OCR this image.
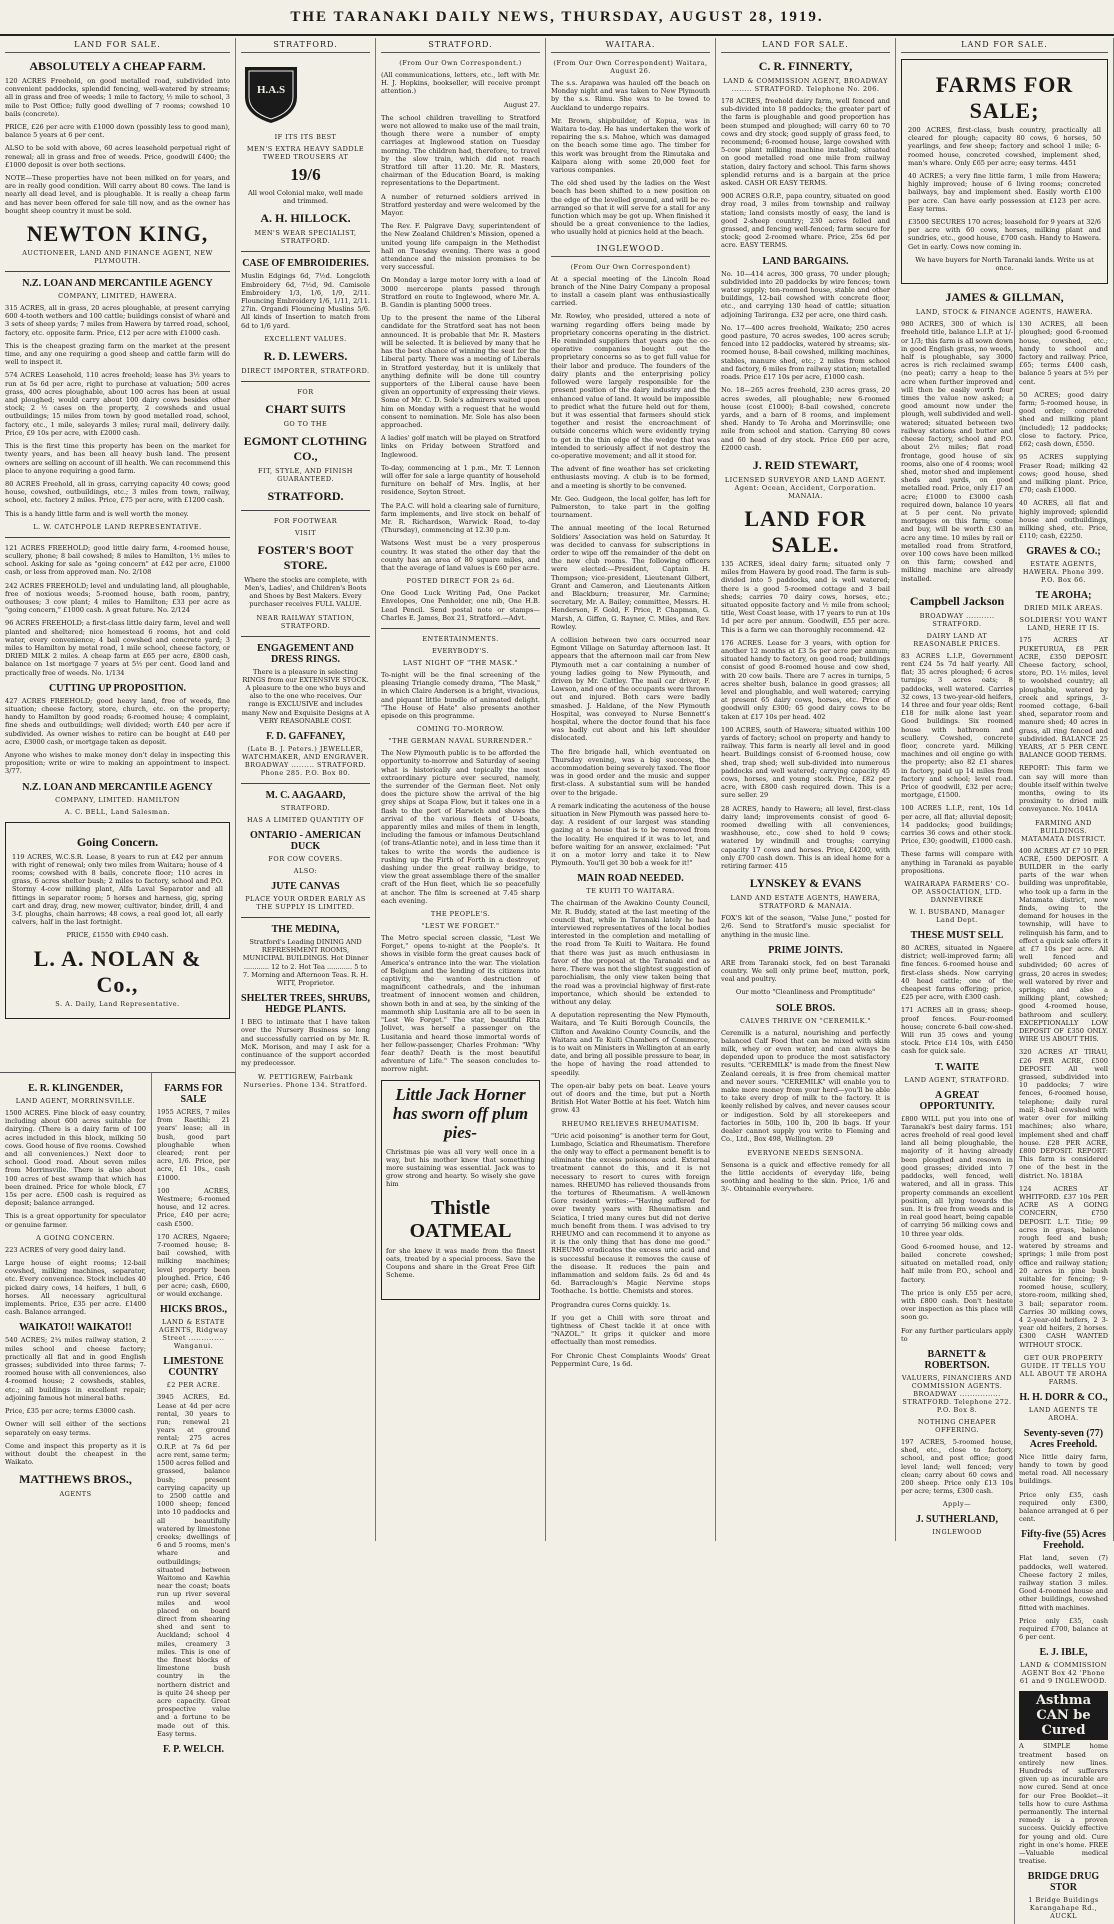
THE TARANAKI DAILY NEWS, THURSDAY, AUGUST 28, 1919.
LAND FOR SALE.
ABSOLUTELY A CHEAP FARM.

120 ACRES Freehold, on good metalled road, subdivided into convenient paddocks, splendid fencing, well-watered by streams; all in grass and free of weeds; 1 mile to factory, ½ mile to school, 3 mile to Post Office; fully good dwelling of 7 rooms; cowshed 10 bails (concrete).

PRICE, £26 per acre with £1000 down (possibly less to good man), balance 5 years at 6 per cent.

ALSO to be sold with above, 60 acres leasehold perpetual right of renewal; all in grass and free of weeds. Price, goodwill £400; the £1000 deposit is over both sections.

NOTE—These properties have not been milked on for years, and are in really good condition. Will carry about 80 cows. The land is nearly all dead level, and is ploughable. It is really a cheap farm and has never been offered for sale till now, and as the owner has bought sheep country it must be sold.

NEWTON KING,
AUCTIONEER, LAND AND FINANCE AGENT, NEW PLYMOUTH.
N.Z. LOAN AND MERCANTILE AGENCY
COMPANY, LIMITED, HAWERA.

315 ACRES, all in grass, 20 acres ploughable, at present carrying 600 4-tooth wethers and 100 cattle; buildings consist of wharé and 3 sets of sheep yards; 7 miles from Hawera by tarred road, school, factory, etc. opposite farm. Price, £12 per acre with £1000 cash.

This is the cheapest grazing farm on the market at the present time, and any one requiring a good sheep and cattle farm will do well to inspect it.

574 ACRES Leasehold, 110 acres freehold; lease has 3½ years to run at 5s 6d per acre, right to purchase at valuation; 500 acres grass, 400 acres ploughable, about 100 acres has been at usual and ploughed; would carry about 100 dairy cows besides other stock; 2 ½ cases on the property, 2 cowsheds and usual outbuildings; 15 miles from town by good metalled road, school, factory, etc., 1 mile, saleyards 3 miles; rural mail, delivery daily. Price, £9 10s per acre, with £2000 cash.

This is the first time this property has been on the market for twenty years, and has been all heavy bush land. The present owners are selling on account of ill health. We can recommend this place to anyone requiring a good farm.

80 ACRES Freehold, all in grass, carrying capacity 40 cows; good house, cowshed, outbuildings, etc.; 3 miles from town, railway, school, etc. factory 2 miles. Price, £75 per acre, with £1200 cash.

This is a handy little farm and is well worth the money.

L. W. CATCHPOLE LAND REPRESENTATIVE.

121 ACRES FREEHOLD; good little dairy farm, 4-roomed house, scullery, phone; 8 bail cowshed; 8 miles to Hamilton, 1½ miles to school. Asking for sale as "going concern" at £42 per acre, £1000 cash, or less from approved man. No. 2/108

242 ACRES FREEHOLD; level and undulating land, all ploughable, free of noxious weeds; 5-roomed house, bath room, pantry, outhouses; 3 cow plant; 4 miles to Hamilton; £33 per acre as "going concern," £1000 cash. A great future. No. 2/124

96 ACRES FREEHOLD; a first-class little dairy farm, level and well planted and sheltered; nice homestead 6 rooms, hot and cold water, every convenience; 4 bail cowshed and concrete yard; 3 miles to Hamilton by metal road, 1 mile school, cheese factory, or DRIED MILK 2 miles. A cheap farm at £65 per acre, £800 cash, balance on 1st mortgage 7 years at 5½ per cent. Good land and practically free of weeds. No. 1/134

CUTTING UP PROPOSITION.

427 ACRES FREEHOLD; good heavy land, free of weeds, fine situation; cheese factory, store, church, etc. on the property; handy to Hamilton by good roads; 6-roomed house; 4 complaint, fine sheds and outbuildings; well divided; worth £40 per acre if subdivided. As owner wishes to retire can be bought at £40 per acre, £3000 cash, or mortgage taken as deposit.

Anyone who wishes to make money don't delay in inspecting this proposition; write or wire to making an appointment to inspect. 3/77.

N.Z. LOAN AND MERCANTILE AGENCY
COMPANY, LIMITED. HAMILTON
A. C. BELL, Land Salesman.
Going Concern.

119 ACRES, W.C.S.R. Lease, 8 years to run at £42 per annum with right of renewal; only two miles from Waitara; house of 4 rooms; cowshed with 8 bails, concrete floor; 110 acres in grass, 6 acres shelter bush; 2 miles to factory, school and P.O. Stormy 4-cow milking plant, Alfa Laval Separator and all fittings in separator room; 5 horses and harness, gig, spring cart and dray, drag, new mower, cultivator, binder, drill, 4 and 3-f. ploughs, chain harrows; 48 cows, a real good lot, all early calvers, half in the last fortnight.

PRICE, £1550 with £940 cash.

L. A. NOLAN & Co.,
S. A. Daily, Land Representative.
E. R. KLINGENDER,
LAND AGENT, MORRINSVILLE.

1500 ACRES. Fine block of easy country, including about 600 acres suitable for dairying. (There is a dairy farm of 100 acres included in this block, milking 50 cows. Good house of five rooms. Cowshed and all conveniences.) Next door to school. Good road. About seven miles from Morrinsville. There is also about 100 acres of best swamp that which has been drained. Price for whole block, £7 15s per acre. £500 cash is required as deposit; balance arranged.

This is a great opportunity for speculator or genuine farmer.

A GOING CONCERN.

223 ACRES of very good dairy land.

Large house of eight rooms; 12-bail cowshed, milking machines, separator, etc. Every convenience. Stock includes 40 picked dairy cows, 14 heifers, 1 bull, 6 horses. All necessary agricultural implements. Price, £35 per acre. £1400 cash. Balance arranged.

WAIKATO!! WAIKATO!!

540 ACRES; 2¼ miles railway station, 2 miles school and cheese factory; practically all flat and in good English grasses; subdivided into three farms; 7-roomed house with all conveniences, also 4-roomed house; 2 cowsheds, stables, etc.; all buildings in excellent repair; adjoining famous hot mineral baths.

Price, £35 per acre; terms £3000 cash.

Owner will sell either of the sections separately on easy terms.

Come and inspect this property as it is without doubt the cheapest in the Waikato.

MATTHEWS BROS.,
AGENTS
STRATFORD.
H.A.S
IF ITS ITS BEST
MEN'S EXTRA HEAVY SADDLE TWEED TROUSERS AT
19/6

All wool Colonial make, well made and trimmed.

A. H. HILLOCK.
MEN'S WEAR SPECIALIST, STRATFORD.
CASE OF EMBROIDERIES.

Muslin Edgings 6d, 7½d. Longcloth Embroidery 6d, 7½d, 9d. Camisole Embroidery 1/3, 1/6, 1/9, 2/11. Flouncing Embroidery 1/6, 1/11, 2/11. 27in. Organdi Flouncing Muslins 5/6. All kinds of Insertion to match from 6d to 1/6 yard.

EXCELLENT VALUES.
R. D. LEWERS.
DIRECT IMPORTER, STRATFORD.
FOR
CHART SUITS
GO TO THE
EGMONT CLOTHING CO.,
FIT, STYLE, AND FINISH GUARANTEED.
STRATFORD.
FOR FOOTWEAR
VISIT
FOSTER'S BOOT STORE.

Where the stocks are complete, with Men's, Ladies', and Children's Boots and Shoes by Best Makers. Every purchaser receives FULL VALUE.

NEAR RAILWAY STATION, STRATFORD.
ENGAGEMENT AND DRESS RINGS.

There is a pleasure in selecting RINGS from our EXTENSIVE STOCK. A pleasure to the one who buys and also to the one who receives. Our range is EXCLUSIVE and includes many New and Exquisite Designs at A VERY REASONABLE COST.

F. D. GAFFANEY,
(Late B. J. Peters.) JEWELLER, WATCHMAKER, AND ENGRAVER. BROADWAY ......... STRATFORD. Phone 285. P.O. Box 80.
M. C. AAGAARD,
STRATFORD.
HAS A LIMITED QUANTITY OF
ONTARIO - AMERICAN DUCK
FOR COW COVERS.
ALSO:
JUTE CANVAS
PLACE YOUR ORDER EARLY AS THE SUPPLY IS LIMITED.
THE MEDINA,

Stratford's Leading DINING AND REFRESHMENT ROOMS, MUNICIPAL BUILDINGS. Hot Dinner ............ 12 to 2. Hot Tea ............ 5 to 7. Morning and Afternoon Teas. R. H. WITT, Proprietor.

SHELTER TREES, SHRUBS, HEDGE PLANTS.

I BEG to intimate that I have taken over the Nursery Business so long and successfully carried on by Mr. R. McK. Morison, and may I ask for a continuance of the support accorded my predecessor.

W. PETTIGREW, Fairbank Nurseries. Phone 134. Stratford.
FARMS FOR SALE

1955 ACRES, 7 miles from Raetihi; 21 years' lease; all in bush, good part ploughable when cleared; rent per acre, 1/6. Price, per acre, £1 10s., cash £1000.

100 ACRES, Westmere; 6-roomed house, and 12 acres. Price, £40 per acre; cash £500.

170 ACRES, Ngaere; 7-roomed house; 8-bail cowshed, with milking machines; level property been ploughed. Price, £46 per acre; cash, £600, or would exchange.

HICKS BROS.,
LAND & ESTATE AGENTS, Ridgway Street .............. Wanganui.
LIMESTONE COUNTRY
£2 PER ACRE.

3945 ACRES, Ed. Lease at 4d per acre rental, 30 years to run; renewal 21 years at ground rental; 275 acres O.R.P. at 7s 6d per acre rent, same term; 1500 acres felled and grassed, balance bush; present carrying capacity up to 2500 cattle and 1000 sheep; fenced into 10 paddocks and all beautifully watered by limestone creeks; dwellings of 6 and 5 rooms, men's whare and outbuildings; situated between Waitomo and Kawhia near the coast; boats run up river several miles and wool placed on board direct from shearing shed and sent to Auckland; school 4 miles, creamery 3 miles. This is one of the finest blocks of limestone bush country in the northern district and is quite 24 sheep per acre capacity. Great prospective value and a fortune to be made out of this. Easy terms.

F. P. WELCH.
STRATFORD.
(From Our Own Correspondent.)

(All communications, letters, etc., left with Mr. H. J. Hopkins, bookseller, will receive prompt attention.)

August 27.

The school children travelling to Stratford were not allowed to make use of the mail train, though there were a number of empty carriages at Inglewood station on Tuesday morning. The children had, therefore, to travel by the slow train, which did not reach Stratford till after 11.20. Mr. R. Masters, chairman of the Education Board, is making representations to the Department.

A number of returned soldiers arrived in Stratford yesterday and were welcomed by the Mayor.

The Rev. F. Palgrave Davy, superintendent of the New Zealand Children's Mission, opened a united young life campaign in the Methodist hall on Tuesday evening. There was a good attendance and the mission promises to be very successful.

On Monday a large motor lorry with a load of 3000 mercerope plants passed through Stratford en route to Inglewood, where Mr. A. B. Gandin is planting 5000 trees.

Up to the present the name of the Liberal candidate for the Stratford seat has not been announced. It is probable that Mr. R. Masters will be selected. It is believed by many that he has the best chance of winning the seat for the Liberal party. There was a meeting of Liberals in Stratford yesterday, but it is unlikely that anything definite will be done till country supporters of the Liberal cause have been given an opportunity of expressing their views. Some of Mr. C. D. Sole's admirers waited upon him on Monday with a request that he would consent to nomination. Mr. Sole has also been approached.

A ladies' golf match will be played on Stratford links on Friday between Stratford and Inglewood.

To-day, commencing at 1 p.m., Mr. T. Lennon will offer for sale a large quantity of household furniture on behalf of Mrs. Inglis, at her residence, Seyton Street.

The P.A.C. will hold a clearing sale of furniture, farm implements, and live stock on behalf of Mr. R. Richardson, Warwick Road, to-day (Thursday), commencing at 12.30 p.m.

Watsons West must be a very prosperous country. It was stated the other day that the county has an area of 80 square miles, and that the average of land values is £60 per acre.

POSTED DIRECT FOR 2s 6d.

One Good Luck Writing Pad, One Packet Envelopes, One Penholder, one nib, One H.B. Lead Pencil. Send postal note or stamps—Charles E. James, Box 21, Stratford.—Advt.

ENTERTAINMENTS.
EVERYBODY'S.
LAST NIGHT OF "THE MASK."

To-night will be the final screening of the pleasing Triangle comedy drama, "The Mask," in which Claire Anderson is a bright, vivacious, and piquant little bundle of animated delight. "The House of Hate" also presents another episode on this programme.

COMING TO-MORROW.
"THE GERMAN NAVAL SURRENDER."

The New Plymouth public is to be afforded the opportunity to-morrow and Saturday of seeing what is historically and topically the most extraordinary picture ever secured, namely, the surrender of the German fleet. Not only does the picture show the arrival of the big grey ships at Scapa Flow, but it takes one in a flash to the port of Harwich and shows the arrival of the various fleets of U-boats, apparently miles and miles of them in length, including the famous or infamous Deutschland (of trans-Atlantic note), and in less time than it takes to write the words the audience is rushing up the Firth of Forth in a destroyer, dashing under the great railway bridge, to view the great assemblage there of the smaller craft of the Hun fleet, which lie so peacefully at anchor. The film is screened at 7.45 sharp each evening.

THE PEOPLE'S.
"LEST WE FORGET."

The Metro special screen classic, "Lest We Forget," opens to-night at the People's. It shows in visible form the great causes back of America's entrance into the war. The violation of Belgium and the lending of its citizens into captivity, the wanton destruction of magnificent cathedrals, and the inhuman treatment of innocent women and children, shown both in and at sea, by the sinking of the mammoth ship Lusitania are all to be seen in "Lest We Forget." The star, beautiful Rita Jolivet, was herself a passenger on the Lusitania and heard those immortal words of her fellow-passenger, Charles Frohman: "Why fear death? Death is the most beautiful adventure of Life." The season concludes to-morrow night.

Little Jack Horner has sworn off plum pies-

Christmas pie was all very well once in a way, but his mother knew that something more sustaining was essential. Jack was to grow strong and hearty. So wisely she gave him

Thistle OATMEAL

for she knew it was made from the finest oats, treated by a special process. Save the Coupons and share in the Great Free Gift Scheme.

WAITARA.
(From Our Own Correspondent) Waitara, August 26.

The s.s. Arapawa was hauled off the beach on Monday night and was taken to New Plymouth by the s.s. Rimu. She was to be towed to Auckland to undergo repairs.

Mr. Brown, shipbuilder, of Kopua, was in Waitara to-day. He has undertaken the work of repairing the s.s. Mahoe, which was damaged on the beach some time ago. The timber for this work was brought from the Rimutaka and Kaipara along with some 20,000 feet for various companies.

The old shed used by the ladies on the West beach has been shifted to a new position on the edge of the levelled ground, and will be re-arranged so that it will serve for a stall for any function which may be got up. When finished it should be a great convenience to the ladies, who usually hold at picnics held at the beach.

INGLEWOOD.
(From Our Own Correspondent)

At a special meeting of the Lincoln Road branch of the Nine Dairy Company a proposal to install a casein plant was enthusiastically carried.

Mr. Rowley, who presided, uttered a note of warning regarding offers being made by proprietary concerns operating in the district. He reminded suppliers that years ago the co-operative companies bought out the proprietary concerns so as to get full value for their labor and produce. The founders of the dairy plants and the enterprising policy followed were largely responsible for the present position of the dairy industry and the enhanced value of land. It would be impossible to predict what the future held out for them, but it was essential that farmers should stick together and resist the encroachment of outside concerns which were evidently trying to get in the thin edge of the wedge that was intended to seriously affect if not destroy the co-operative movement; and all it stood for.

The advent of fine weather has set cricketing enthusiasts moving. A club is to be formed, and a meeting is shortly to be convened.

Mr. Geo. Gudgeon, the local golfer, has left for Palmerston, to take part in the golfing tournament.

The annual meeting of the local Returned Soldiers' Association was held on Saturday. It was decided to canvass for subscriptions in order to wipe off the remainder of the debt on the new club rooms. The following officers were elected:—President, Captain H. Thompson; vice-president, Lieutenant Gilbert, Grant and Cameron, and Lieutenants Aitken and Blackburn; treasurer, Mr. Carmine; secretary, Mr. A. Bailey; committee, Messrs. H. Henderson, F. Gold, F. Price, P. Chapman, G. Marsh, A. Giffen, G. Rayner, C. Miles, and Rev. Rowley.

A collision between two cars occurred near Egmont Village on Saturday afternoon last. It appears that the afternoon mail car from New Plymouth met a car containing a number of young ladies going to New Plymouth, and driven by Mr. Cattley. The mail car driver, F. Lawson, and one of the occupants were thrown out and injured. Both cars were badly smashed. J. Haldane, of the New Plymouth Hospital, was conveyed to Nurse Bennett's hospital, where the doctor found that his face was badly cut about and his left shoulder dislocated.

The fire brigade hall, which eventuated on Thursday evening, was a big success, the accommodation being severely taxed. The floor was in good order and the music and supper first-class. A substantial sum will be handed over to the brigade.

A remark indicating the acuteness of the house situation in New Plymouth was passed here to-day. A resident of our largest was standing gazing at a house that is to be removed from the locality. He enquired if it was to let, and before waiting for an answer, exclaimed: "Put it on a motor lorry and take it to New Plymouth. You'll get 30 bob a week for it!"

MAIN ROAD NEEDED.
TE KUITI TO WAITARA.

The chairman of the Awakino County Council, Mr. R. Buddy, stated at the last meeting of the council that, while in Taranaki lately he had interviewed representatives of the local bodies interested in the completion and metalling of the road from Te Kuiti to Waitara. He found that there was just as much enthusiasm in favor of the proposal at the Taranaki end as here. There was not the slightest suggestion of parochialism, the only view taken being that the road was a provincial highway of first-rate importance, which should be extended to without any delay.

A deputation representing the New Plymouth, Waitara, and Te Kuiti Borough Councils, the Clifton and Awakino County Councils, and the Waitara and Te Kuiti Chambers of Commerce, is to wait on Ministers in Wellington at an early date, and bring all possible pressure to bear, in the hope of having the road attended to speedily.

The open-air baby pets on beat. Leave yours out of doors and the time, but put a North British Hot Water Bottle at his feet. Watch him grow. 43

RHEUMO RELIEVES RHEUMATISM.

"Uric acid poisoning" is another term for Gout, Lumbago, Sciatica and Rheumatism. Therefore the only way to effect a permanent benefit is to eliminate the excess poisonous acid. External treatment cannot do this, and it is not necessary to resort to cures with foreign names. RHEUMO has relieved thousands from the tortures of Rheumatism. A well-known Gore resident writes:—"Having suffered for over twenty years with Rheumatism and Sciatica, I tried many cures but did not derive much benefit from them. I was advised to try RHEUMO and can recommend it to anyone as it is the only thing that has done me good." RHEUMO eradicates the excess uric acid and is successful because it removes the cause of the disease. It reduces the pain and inflammation and seldom fails. 2s 6d and 4s 6d. Barraclough's Magic Nervine stops Toothache. 1s bottle. Chemists and stores.

Prograndra cures Corns quickly. 1s.

If you get a Chill with sore throat and tightness of Chest tackle it at once with "NAZOL." It grips it quicker and more effectually than most remedies.

For Chronic Chest Complaints Woods' Great Peppermint Cure, 1s 6d.

LAND FOR SALE.
C. R. FINNERTY,
LAND & COMMISSION AGENT, BROADWAY ........ STRATFORD. Telephone No. 206.

178 ACRES, freehold dairy farm, well fenced and sub-divided into 18 paddocks; the greater part of the farm is ploughable and good proportion has been stumped and ploughed; will carry 60 to 70 cows and dry stock; good supply of grass feed, to recommend; 6-roomed house, large cowshed with 5-cow plant milking machine installed; situated on good metalled road one mile from railway station, dairy factory and school. This farm shows splendid returns and is a bargain at the price asked. CASH OR EASY TERMS.

900 ACRES O.R.P., papa country, situated on good dray road, 3 miles from township and railway station; land consists mostly of easy, the land is good 2-sheep country; 230 acres felled and grassed, and fencing well-fenced; farm secure for stock; good 2-roomed whare. Price, 25s 6d per acre. EASY TERMS.

LAND BARGAINS.

No. 10—414 acres, 300 grass, 70 under plough; subdivided into 20 paddocks by wire fences; town water supply; ten-roomed house, stable and other buildings, 12-bail cowshed with concrete floor, etc., and carrying 130 head of cattle; situation adjoining Tariranga. £32 per acre, one third cash.

No. 17—400 acres freehold, Waikato; 250 acres good pasture, 70 acres swedes, 100 acres scrub; fenced into 12 paddocks, watered by streams; six-roomed house, 8-bail cowshed, milking machines, stables, manure shed, etc.; 2 miles from school and factory, 6 miles from railway station; metalled roads. Price £17 10s per acre, £1000 cash.

No. 18—265 acres freehold, 230 acres grass, 20 acres swedes, all ploughable; new 6-roomed house (cost £1000); 8-bail cowshed, concrete yards, and a barn of 8 rooms, and implement shed. Handy to Te Aroha and Morrinsville; one mile from school and station. Carrying 80 cows and 60 head of dry stock. Price £60 per acre, £2000 cash.

J. REID STEWART,
LICENSED SURVEYOR AND LAND AGENT. Agent: Ocean, Accident, Corporation. MANAIA.
LAND FOR SALE.

135 ACRES, ideal dairy farm; situated only 7 miles from Hawera by good road. The farm is sub-divided into 5 paddocks, and is well watered; there is a good 5-roomed cottage and 3 bail sheds; carries 70 dairy cows, horses, etc.; situated opposite factory and ½ mile from school; title, West Coast lease, with 17 years to run at 10s 1d per acre per annum. Goodwill, £55 per acre. This is a farm we can thoroughly recommend. 42

176 ACRES. Lease for 3 years, with option for another 12 months at £3 5s per acre per annum; situated handy to factory, on good road; buildings consist of good 8-roomed house and cow shed, with 20 cow bails. There are 7 acres in turnips, 5 acres shelter bush, balance in good grasses; all level and ploughable, and well watered; carrying at present 65 dairy cows, horses, etc. Price of goodwill only £300; 65 good dairy cows to be taken at £17 10s per head. 402

100 ACRES, south of Hawera; situated within 100 yards of factory; school on property and handy to railway. This farm is nearly all level and in good heart. Buildings consist of 6-roomed house, cow shed, trap shed; well sub-divided into numerous paddocks and well watered; carrying capacity 45 cows, horses, and young stock. Price, £82 per acre, with £800 cash required down. This is a sure seller. 29

28 ACRES, handy to Hawera; all level, first-class dairy land; improvements consist of good 6-roomed dwelling with all conveniences, washhouse, etc., cow shed to hold 9 cows; watered by windmill and troughs; carrying capacity 17 cows and horses. Price, £4200, with only £700 cash down. This is an ideal home for a retiring farmer. 415

LYNSKEY & EVANS
LAND AND ESTATE AGENTS, HAWERA, STRATFORD & MANAIA.

FOX'S kit of the season, "Valse June," posted for 2/6. Send to Stratford's music specialist for anything in the music line.

PRIME JOINTS.

ARE from Taranaki stock, fed on best Taranaki country. We sell only prime beef, mutton, pork, veal and poultry.

Our motto "Cleanliness and Promptitude"

SOLE BROS.
CALVES THRIVE ON "CEREMILK."

Ceremilk is a natural, nourishing and perfectly balanced Calf Food that can be mixed with skim milk, whey or even water, and can always be depended upon to produce the most satisfactory results. "CEREMILK" is made from the finest New Zealand cereals, it is free from chemical matter and never sours. "CEREMILK" will enable you to make more money from your herd—you'll be able to take every drop of milk to the factory. It is keenly relished by calves, and never causes scour or indigestion. Sold by all storekeepers and factories in 50lb, 100 lb, 200 lb bags. If your dealer cannot supply you write to Fleming and Co., Ltd., Box 498, Wellington. 29

EVERYONE NEEDS SENSONA.

Sensona is a quick and effective remedy for all the little accidents of everyday life, being soothing and healing to the skin. Price, 1/6 and 3/-. Obtainable everywhere.

LAND FOR SALE.
FARMS FOR SALE;

200 ACRES, first-class, bush country, practically all cleared for plough; capacity 80 cows, 6 horses, 50 yearlings, and few sheep; factory and school 1 mile; 6-roomed house, concreted cowshed, implement shed, man's whare. Only £65 per acre; easy terms. 4451

40 ACRES; a very fine little farm, 1 mile from Hawera; highly improved; house of 6 living rooms; concreted bailways, bay and implement shed. Easily worth £100 per acre. Can have early possession at £123 per acre. Easy terms.

£3500 SECURES 170 acres; leasehold for 9 years at 32/6 per acre with 60 cows, horses, milking plant and sundries, etc., good house, £700 cash. Handy to Hawera. Get in early. Cows now coming in.

We have buyers for North Taranaki lands. Write us at once.

JAMES & GILLMAN,
LAND, STOCK & FINANCE AGENTS, HAWERA.

980 ACRES, 300 of which is freehold title, balance L.I.P. at 1/- or 1/3; this farm is all sown down in good English grass, no weeds, half is ploughable, say 3000 acres is rich reclaimed swamp (no peat); carry a heap to the acre when further improved and will then be easily worth four times the value now asked; a good amount now under the plough, well subdivided and well-watered; situated between two railway stations and butter and cheese factory, school and P.O. about 2½ miles; flat road frontage, good house of six rooms, also one of 4 rooms; wool shed, motor shed and implement sheds and yards, on good metalled road. Price, only £17 an acre; £1000 to £3000 cash required down, balance 10 years at 5 per cent. No private mortgages on this farm; come and buy, will be worth £30 an acre any time. 10 miles by rail or metalled road from Stratford, over 100 cows have been milked on this farm; cowshed and milking machine are already installed.

130 ACRES, all been ploughed; good 6-roomed house, cowshed, etc.; handy to school and factory and railway. Price, £65; terms £400 cash, balance 5 years at 5½ per cent.

50 ACRES; good dairy farm; 5-roomed house, in good order; concreted shed and milking plant (included); 12 paddocks; close to factory. Price, £62; cash down, £550.

95 ACRES supplying Fraser Road; milking 42 cows; good house, shed and milking plant. Price, £70; cash £1000.

40 ACRES, all flat and highly improved; splendid house and outbuildings, milking shed, etc. Price, £110; cash, £2250.

GRAVES & CO.;
ESTATE AGENTS, HAWERA. Phone 399. P.O. Box 66.
TE AROHA;
DRIED MILK AREAS.
SOLDIERS! YOU WANT LAND, HERE IT IS.

175 ACRES AT PUKETURUA, £8 PER ACRE, £350 DEPOSIT. Cheese factory, school, store, P.O. 1½ miles, level to woolshed country; all ploughable, watered by creek and springs, 3-roomed cottage, 6-bail shed, separator room and manure shed; 40 acres in grass, all ring fenced and subdivided. BALANCE 25 YEARS, AT 5 PER CENT. BALANCE GOOD TERMS.

REPORT: This farm we can say will more than double itself within twelve months, owing to its proximity to dried milk conveyance. No. 1041A

FARMING AND BUILDINGS. MATAMATA DISTRICT.

400 ACRES AT £7 10 PER ACRE, £500 DEPOSIT. A BUILDER in the early parts of the war when building was unprofitable, who took up a farm in the Matamata district, now finds, owing to the demand for houses in the township, will have to relinquish his farm, and to effect a quick sale offers it at £7 10s per acre. All well fenced and subdivided; 60 acres of grass, 20 acres in swedes; well watered by river and springs; and also a milking plant, cowshed; good 4-roomed house, bathroom and scullery. EXCEPTIONALLY LOW DEPOSIT OF £350 ONLY. WIRE US ABOUT THIS.

320 ACRES AT TIRAU, £26 PER ACRE, £500 DEPOSIT. All well grassed, subdivided into 10 paddocks; 7 wire fences, 6-roomed house, telephone; daily rural mail; 8-bail cowshed with water over for milking machines; also whare, implement shed and chaff house. £28 PER ACRE, £800 DEPOSIT. REPORT: This farm is considered one of the best in the district. No. 1818A

124 ACRES AT WHITFORD. £37 10s PER ACRE AS A GOING CONCERN, £750 DEPOSIT. L.T. Title; 99 acres in grass, balance rough feed and bush; watered by streams and springs; 1 mile from post office and railway station; 20 acres in pine bush suitable for fencing; 9-roomed house, scullery, store-room, milking shed, 3 bail; separator room. Carries 30 milking cows, 4 2-year-old heifers, 2 3-year old heifers, 2 horses. £300 CASH WANTED WITHOUT STOCK.

GET OUR PROPERTY GUIDE. IT TELLS YOU ALL ABOUT TE AROHA FARMS.
H. H. DORR & CO.,
LAND AGENTS TE AROHA.
Seventy-seven (77) Acres Freehold.

Nice little dairy farm, handy to town by good metal road. All necessary buildings.

Price only £35, cash required only £300, balance arranged at 6 per cent.

Fifty-five (55) Acres Freehold.

Flat land, seven (7) paddocks, well watered. Cheese factory 2 miles, railway station 3 miles. Good 4-roomed house and other buildings, cowshed fitted with machines.

Price only £35, cash required £700, balance at 6 per cent.

E. J. IBLE,
LAND & COMMISSION AGENT Box 42 'Phone 61 and 9 INGLEWOOD.
Asthma CAN be Cured

A SIMPLE home treatment based on entirely new lines. Hundreds of sufferers given up as incurable are now cured. Send at once for our Free Booklet—it tells how to cure Asthma permanently. The internal remedy is a proven success. Quickly effective for young and old. Cure right in one's home. FREE—Valuable medical treatise.

BRIDGE DRUG STOR
1 Bridge Buildings Karangahape Rd., AUCKL
Campbell Jackson
BROADWAY ........... STRATFORD.
DAIRY LAND AT REASONABLE PRICES.

83 ACRES L.I.P., Government rent £24 5s 7d half yearly. All flat; 35 acres ploughed; 6 acres turnips; 3 acres oats; 8 paddocks, well watered. Carries 32 cows, 13 two-year-old heifers, 14 three and four year olds; Rent £18 for milk alone last year. Good buildings. Six roomed house with bathroom and scullery. Cowshed, concrete floor, concrete yard. Milking machines and oil engine go with the property; also 82 £1 shares in factory, paid up 14 miles from factory and school; level road. Price of goodwill, £32 per acre; mortgage, £1500.

100 ACRES L.I.P., rent, 10s 1d per acre, all flat; alluvial deposit; 14 paddocks; good buildings; carries 36 cows and other stock. Price, £30; goodwill, £1000 cash.

These farms will compare with anything in Taranaki as payable propositions.

WAIRARAPA FARMERS' CO-OP. ASSOCIATION, LTD. DANNEVIRKE
W. I. BUSBAND, Manager Land Dept.
THESE MUST SELL

80 ACRES, situated in Ngaere district; well-improved farm; all fine fences. 6-roomed house and first-class sheds. Now carrying 40 head cattle; one of the cheapest farms offering; price, £25 per acre, with £300 cash.

171 ACRES all in grass; sheep-proof fences. Four-roomed house; concrete 6-bail cow-shed. Will run 35 cows and young stock. Price £14 10s, with £450 cash for quick sale.

T. WAITE
LAND AGENT, STRATFORD.
A GREAT OPPORTUNITY.

£800 WILL put you into one of Taranaki's best dairy farms. 151 acres freehold of real good level land all being ploughable, the majority of it having already been ploughed and resown in good grasses; divided into 7 paddocks, well fenced, well watered, and all in grass. This property commands an excellent position, all lying towards the sun. It is free from weeds and is in real good heart, being capable of carrying 56 milking cows and 10 three year olds.

Good 6-roomed house, and 12-bailed concrete cowshed; situated on metalled road, only half mile from P.O., school and factory.

The price is only £55 per acre, with £800 cash. Don't hesitate over inspection as this place will soon go.

For any further particulars apply to

BARNETT & ROBERTSON.
VALUERS, FINANCIERS AND COMMISSION AGENTS. BROADWAY ................ STRATFORD. Telephone 272. P.O. Box 8.
NOTHING CHEAPER OFFERING.

197 ACRES, 5-roomed house, shed, etc., close to factory, school, and post office; good level land; well fenced; very clean; carry about 60 cows and 200 sheep. Price only £13 10s per acre; terms, £300 cash.

Apply—
J. SUTHERLAND,
INGLEWOOD
